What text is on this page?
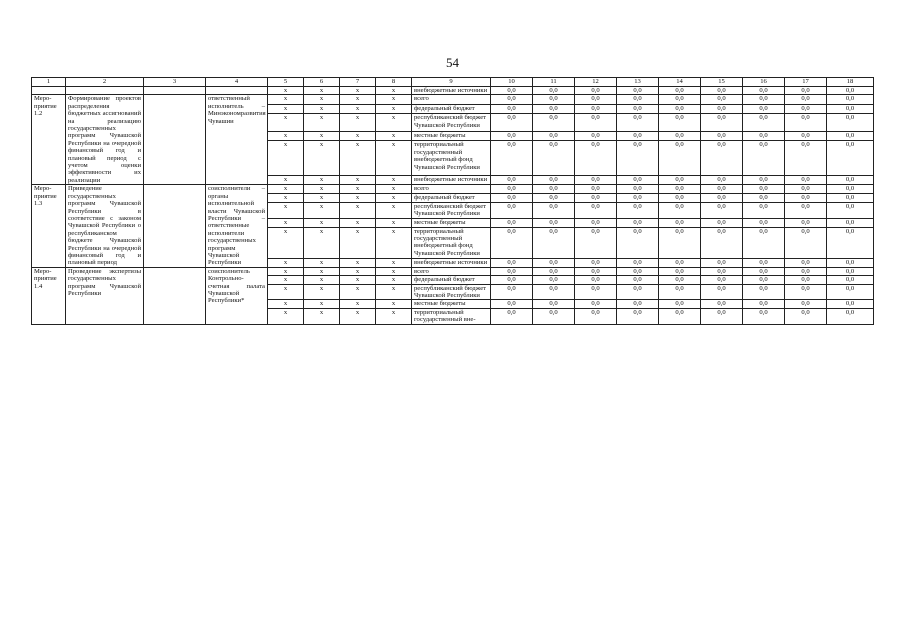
54
1	2	3	4	5	6	7	8	9	10	11	12	13	14	15	16	17	18
				х	х	х	х	внебюджетные источники	0,0	0,0	0,0	0,0	0,0	0,0	0,0	0,0	0,0
Мероприятие 1.2	Формирование проектов распределения бюджетных ассигнований на реализацию государственных программ Чувашской Республики на очередной финансовый год и плановый период с учетом оценки эффективности их реализации		ответственный исполнитель – Минэкономразвития Чувашии	х	х	х	х	всего	0,0	0,0	0,0	0,0	0,0	0,0	0,0	0,0	0,0
				х	х	х	х	федеральный бюджет	0,0	0,0	0,0	0,0	0,0	0,0	0,0	0,0	0,0
				х	х	х	х	республиканский бюджет Чувашской Республики	0,0	0,0	0,0	0,0	0,0	0,0	0,0	0,0	0,0
				х	х	х	х	местные бюджеты	0,0	0,0	0,0	0,0	0,0	0,0	0,0	0,0	0,0
				х	х	х	х	территориальный государственный внебюджетный фонд Чувашской Республики	0,0	0,0	0,0	0,0	0,0	0,0	0,0	0,0	0,0
				х	х	х	х	внебюджетные источники	0,0	0,0	0,0	0,0	0,0	0,0	0,0	0,0	0,0
Мероприятие 1.3	Приведение государственных программ Чувашской Республики в соответствие с законом Чувашской Республики о республиканском бюджете Чувашской Республики на очередной финансовый год и плановый период		соисполнители – органы исполнительной власти Чувашской Республики – ответственные исполнители государственных программ Чувашской Республики	х	х	х	х	всего	0,0	0,0	0,0	0,0	0,0	0,0	0,0	0,0	0,0
				х	х	х	х	федеральный бюджет	0,0	0,0	0,0	0,0	0,0	0,0	0,0	0,0	0,0
				х	х	х	х	республиканский бюджет Чувашской Республики	0,0	0,0	0,0	0,0	0,0	0,0	0,0	0,0	0,0
				х	х	х	х	местные бюджеты	0,0	0,0	0,0	0,0	0,0	0,0	0,0	0,0	0,0
				х	х	х	х	территориальный государственный внебюджетный фонд Чувашской Республики	0,0	0,0	0,0	0,0	0,0	0,0	0,0	0,0	0,0
				х	х	х	х	внебюджетные источники	0,0	0,0	0,0	0,0	0,0	0,0	0,0	0,0	0,0
Мероприятие 1.4	Проведение экспертизы государственных программ Чувашской Республики		соисполнитель Контрольно-счетная палата Чувашской Республики*	х	х	х	х	всего	0,0	0,0	0,0	0,0	0,0	0,0	0,0	0,0	0,0
				х	х	х	х	федеральный бюджет	0,0	0,0	0,0	0,0	0,0	0,0	0,0	0,0	0,0
				х	х	х	х	республиканский бюджет Чувашской Республики	0,0	0,0	0,0	0,0	0,0	0,0	0,0	0,0	0,0
				х	х	х	х	местные бюджеты	0,0	0,0	0,0	0,0	0,0	0,0	0,0	0,0	0,0
				х	х	х	х	территориальный государственный вне-	0,0	0,0	0,0	0,0	0,0	0,0	0,0	0,0	0,0
